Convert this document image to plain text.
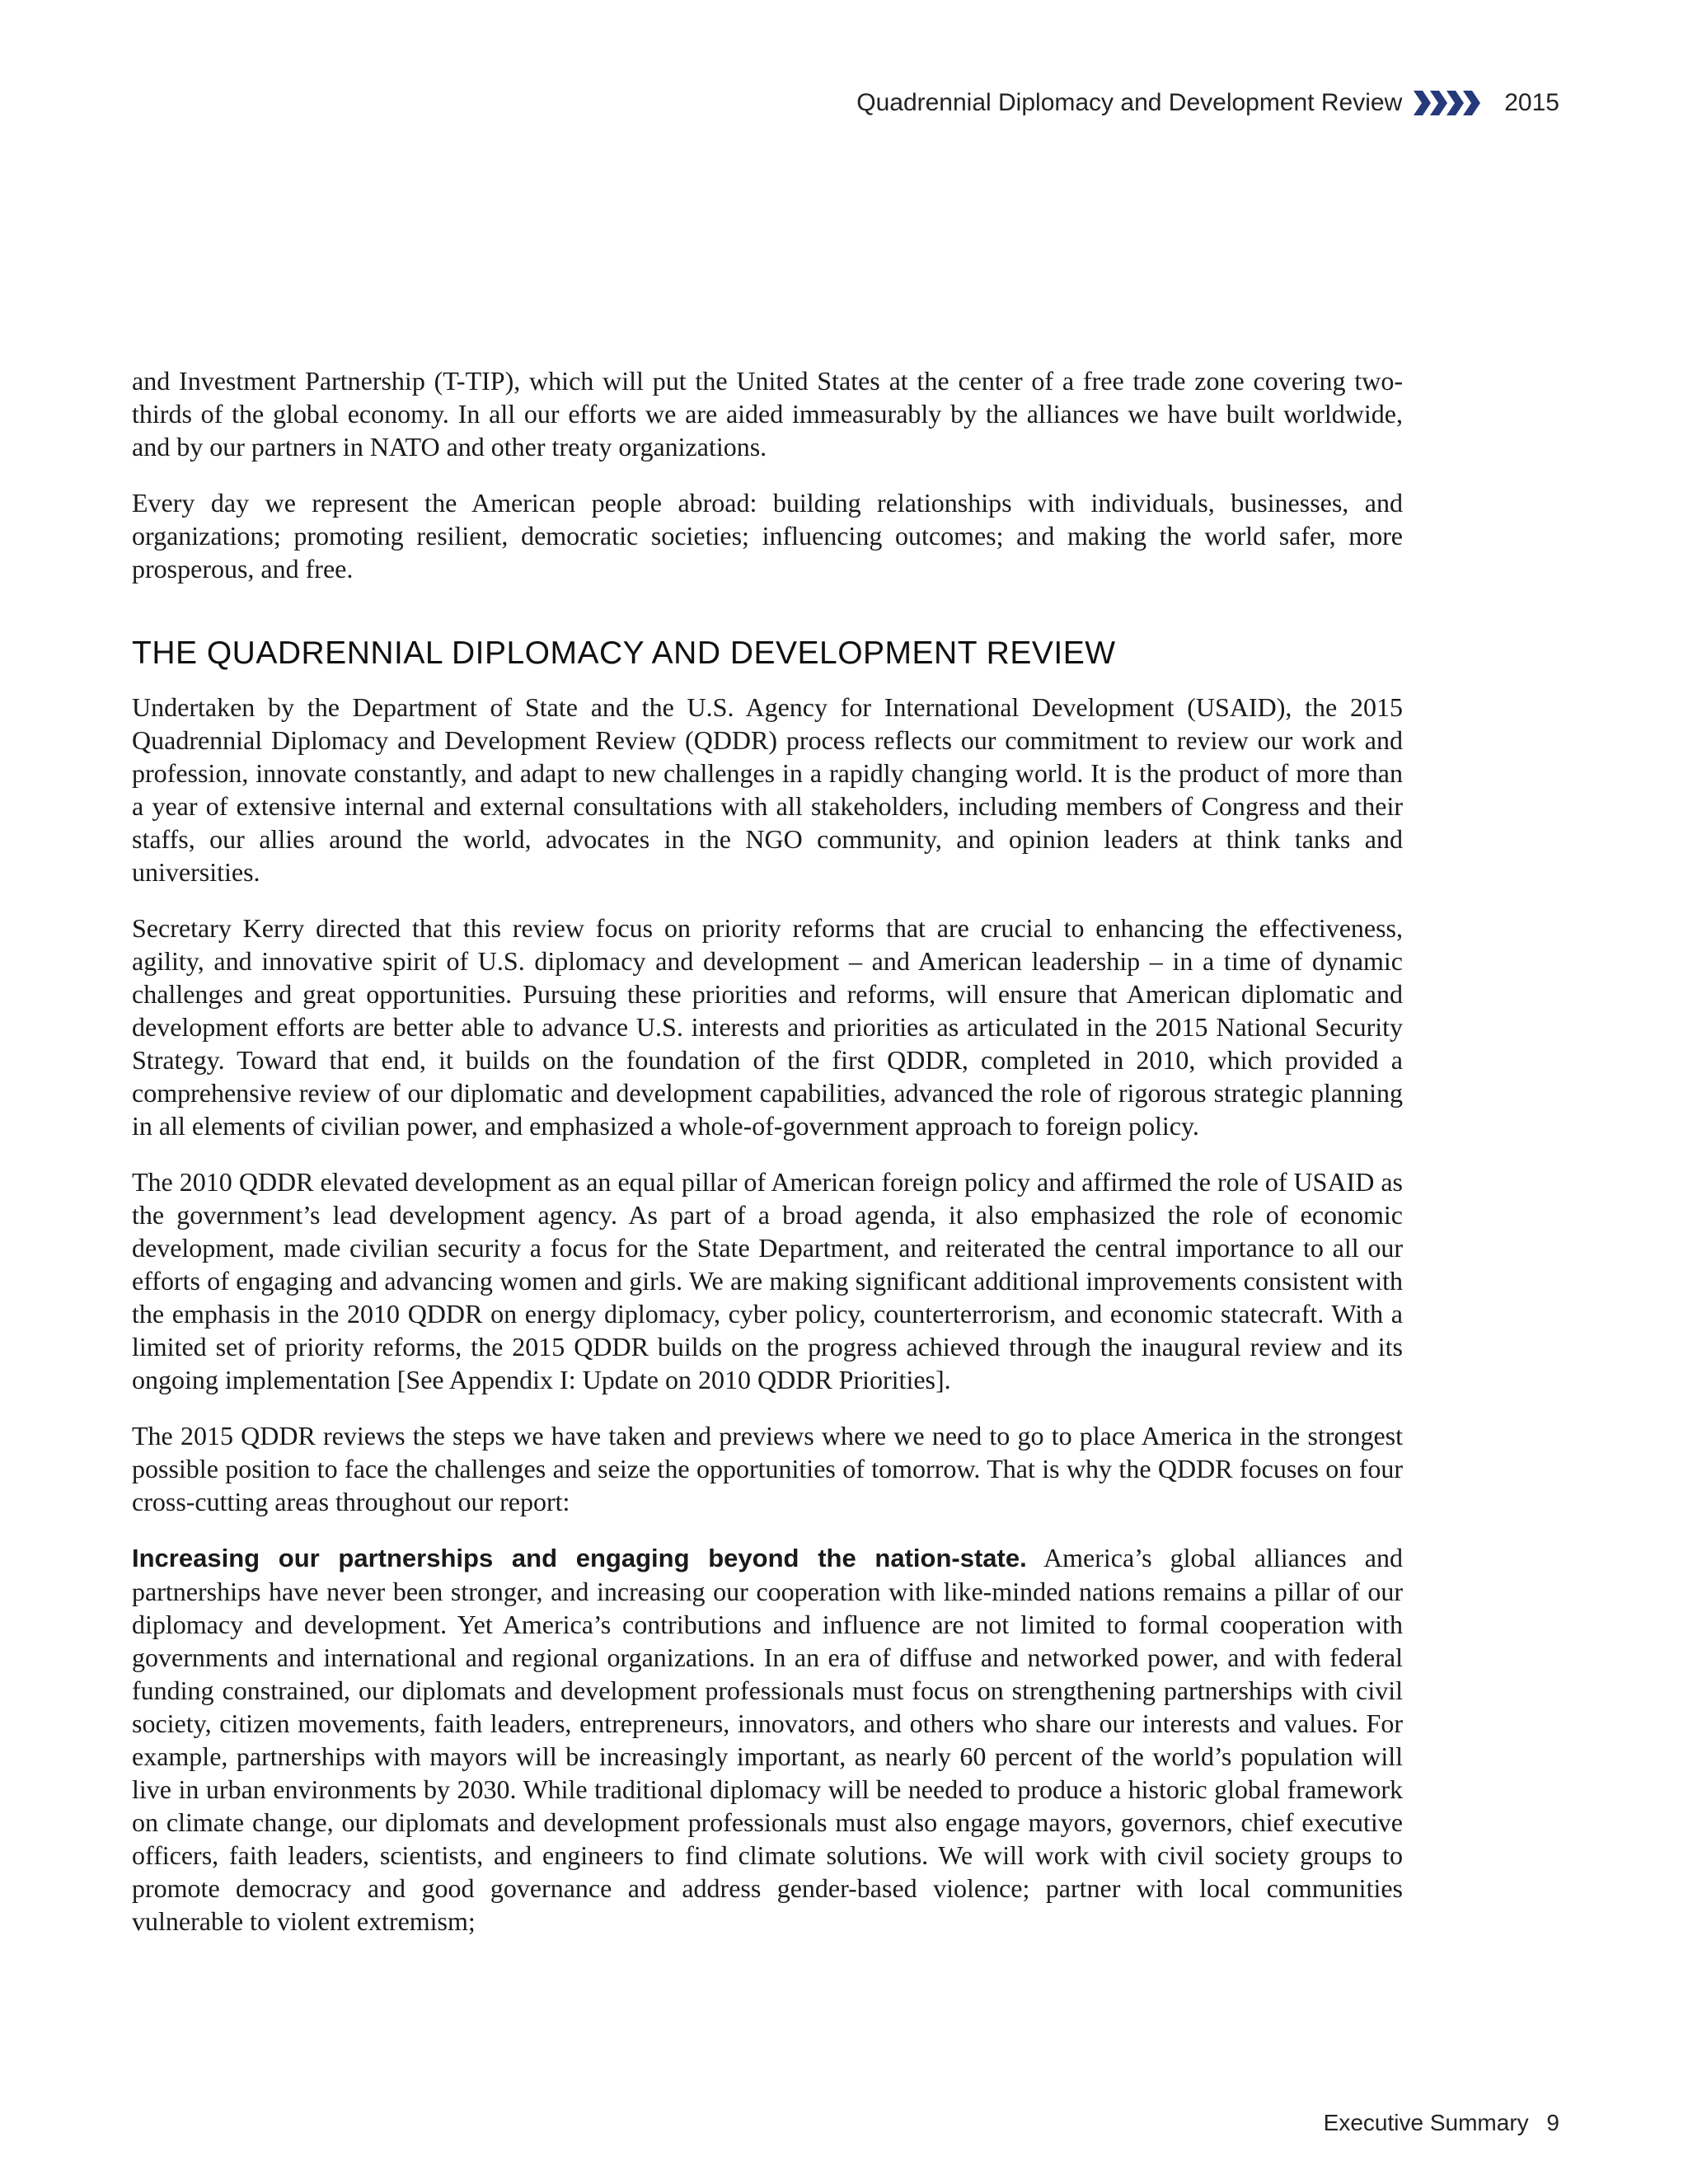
Quadrennial Diplomacy and Development Review	2015

and Investment Partnership (T-TIP), which will put the United States at the center of a free trade zone covering two-thirds of the global economy. In all our efforts we are aided immeasurably by the alliances we have built worldwide, and by our partners in NATO and other treaty organizations.

Every day we represent the American people abroad: building relationships with individuals, businesses, and organizations; promoting resilient, democratic societies; influencing outcomes; and making the world safer, more prosperous, and free.

THE QUADRENNIAL DIPLOMACY AND DEVELOPMENT REVIEW

Undertaken by the Department of State and the U.S. Agency for International Development (USAID), the 2015 Quadrennial Diplomacy and Development Review (QDDR) process reflects our commitment to review our work and profession, innovate constantly, and adapt to new challenges in a rapidly changing world. It is the product of more than a year of extensive internal and external consultations with all stakeholders, including members of Congress and their staffs, our allies around the world, advocates in the NGO community, and opinion leaders at think tanks and universities.

Secretary Kerry directed that this review focus on priority reforms that are crucial to enhancing the effectiveness, agility, and innovative spirit of U.S. diplomacy and development – and American leadership – in a time of dynamic challenges and great opportunities. Pursuing these priorities and reforms, will ensure that American diplomatic and development efforts are better able to advance U.S. interests and priorities as articulated in the 2015 National Security Strategy. Toward that end, it builds on the foundation of the first QDDR, completed in 2010, which provided a comprehensive review of our diplomatic and development capabilities, advanced the role of rigorous strategic planning in all elements of civilian power, and emphasized a whole-of-government approach to foreign policy.

The 2010 QDDR elevated development as an equal pillar of American foreign policy and affirmed the role of USAID as the government’s lead development agency. As part of a broad agenda, it also emphasized the role of economic development, made civilian security a focus for the State Department, and reiterated the central importance to all our efforts of engaging and advancing women and girls. We are making significant additional improvements consistent with the emphasis in the 2010 QDDR on energy diplomacy, cyber policy, counterterrorism, and economic statecraft. With a limited set of priority reforms, the 2015 QDDR builds on the progress achieved through the inaugural review and its ongoing implementation [See Appendix I: Update on 2010 QDDR Priorities].

The 2015 QDDR reviews the steps we have taken and previews where we need to go to place America in the strongest possible position to face the challenges and seize the opportunities of tomorrow. That is why the QDDR focuses on four cross-cutting areas throughout our report:

Increasing our partnerships and engaging beyond the nation-state. America’s global alliances and partnerships have never been stronger, and increasing our cooperation with like-minded nations remains a pillar of our diplomacy and development. Yet America’s contributions and influence are not limited to formal cooperation with governments and international and regional organizations. In an era of diffuse and networked power, and with federal funding constrained, our diplomats and development professionals must focus on strengthening partnerships with civil society, citizen movements, faith leaders, entrepreneurs, innovators, and others who share our interests and values. For example, partnerships with mayors will be increasingly important, as nearly 60 percent of the world’s population will live in urban environments by 2030. While traditional diplomacy will be needed to produce a historic global framework on climate change, our diplomats and development professionals must also engage mayors, governors, chief executive officers, faith leaders, scientists, and engineers to find climate solutions. We will work with civil society groups to promote democracy and good governance and address gender-based violence; partner with local communities vulnerable to violent extremism;

Executive Summary 9
